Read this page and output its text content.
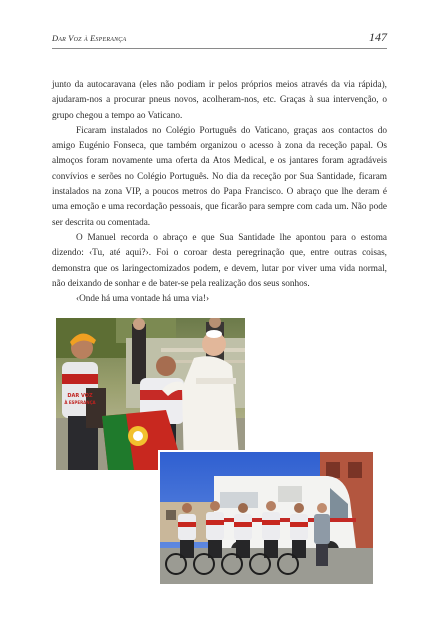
Dar Voz à Esperança	147

junto da autocaravana (eles não podiam ir pelos próprios meios através da via rápida), ajudaram-nos a procurar pneus novos, acolheram-nos, etc. Graças à sua intervenção, o grupo chegou a tempo ao Vaticano.

Ficaram instalados no Colégio Português do Vaticano, graças aos contactos do amigo Eugénio Fonseca, que também organizou o acesso à zona da receção papal. Os almoços foram novamente uma oferta da Atos Medical, e os jantares foram agradáveis convívios e serões no Colégio Português. No dia da receção por Sua Santidade, ficaram instalados na zona VIP, a poucos metros do Papa Francisco. O abraço que lhe deram é uma emoção e uma recordação pessoais, que ficarão para sempre com cada um. Não pode ser descrita ou comentada.

O Manuel recorda o abraço e que Sua Santidade lhe apontou para o estoma dizendo: ‹Tu, até aqui?›. Foi o coroar desta peregrinação que, entre outras coisas, demonstra que os laringectomizados podem, e devem, lutar por viver uma vida normal, não deixando de sonhar e de bater-se pela realização dos seus sonhos.

‹Onde há uma vontade há uma via!›

DAR VOZ
À ESPERANÇA
